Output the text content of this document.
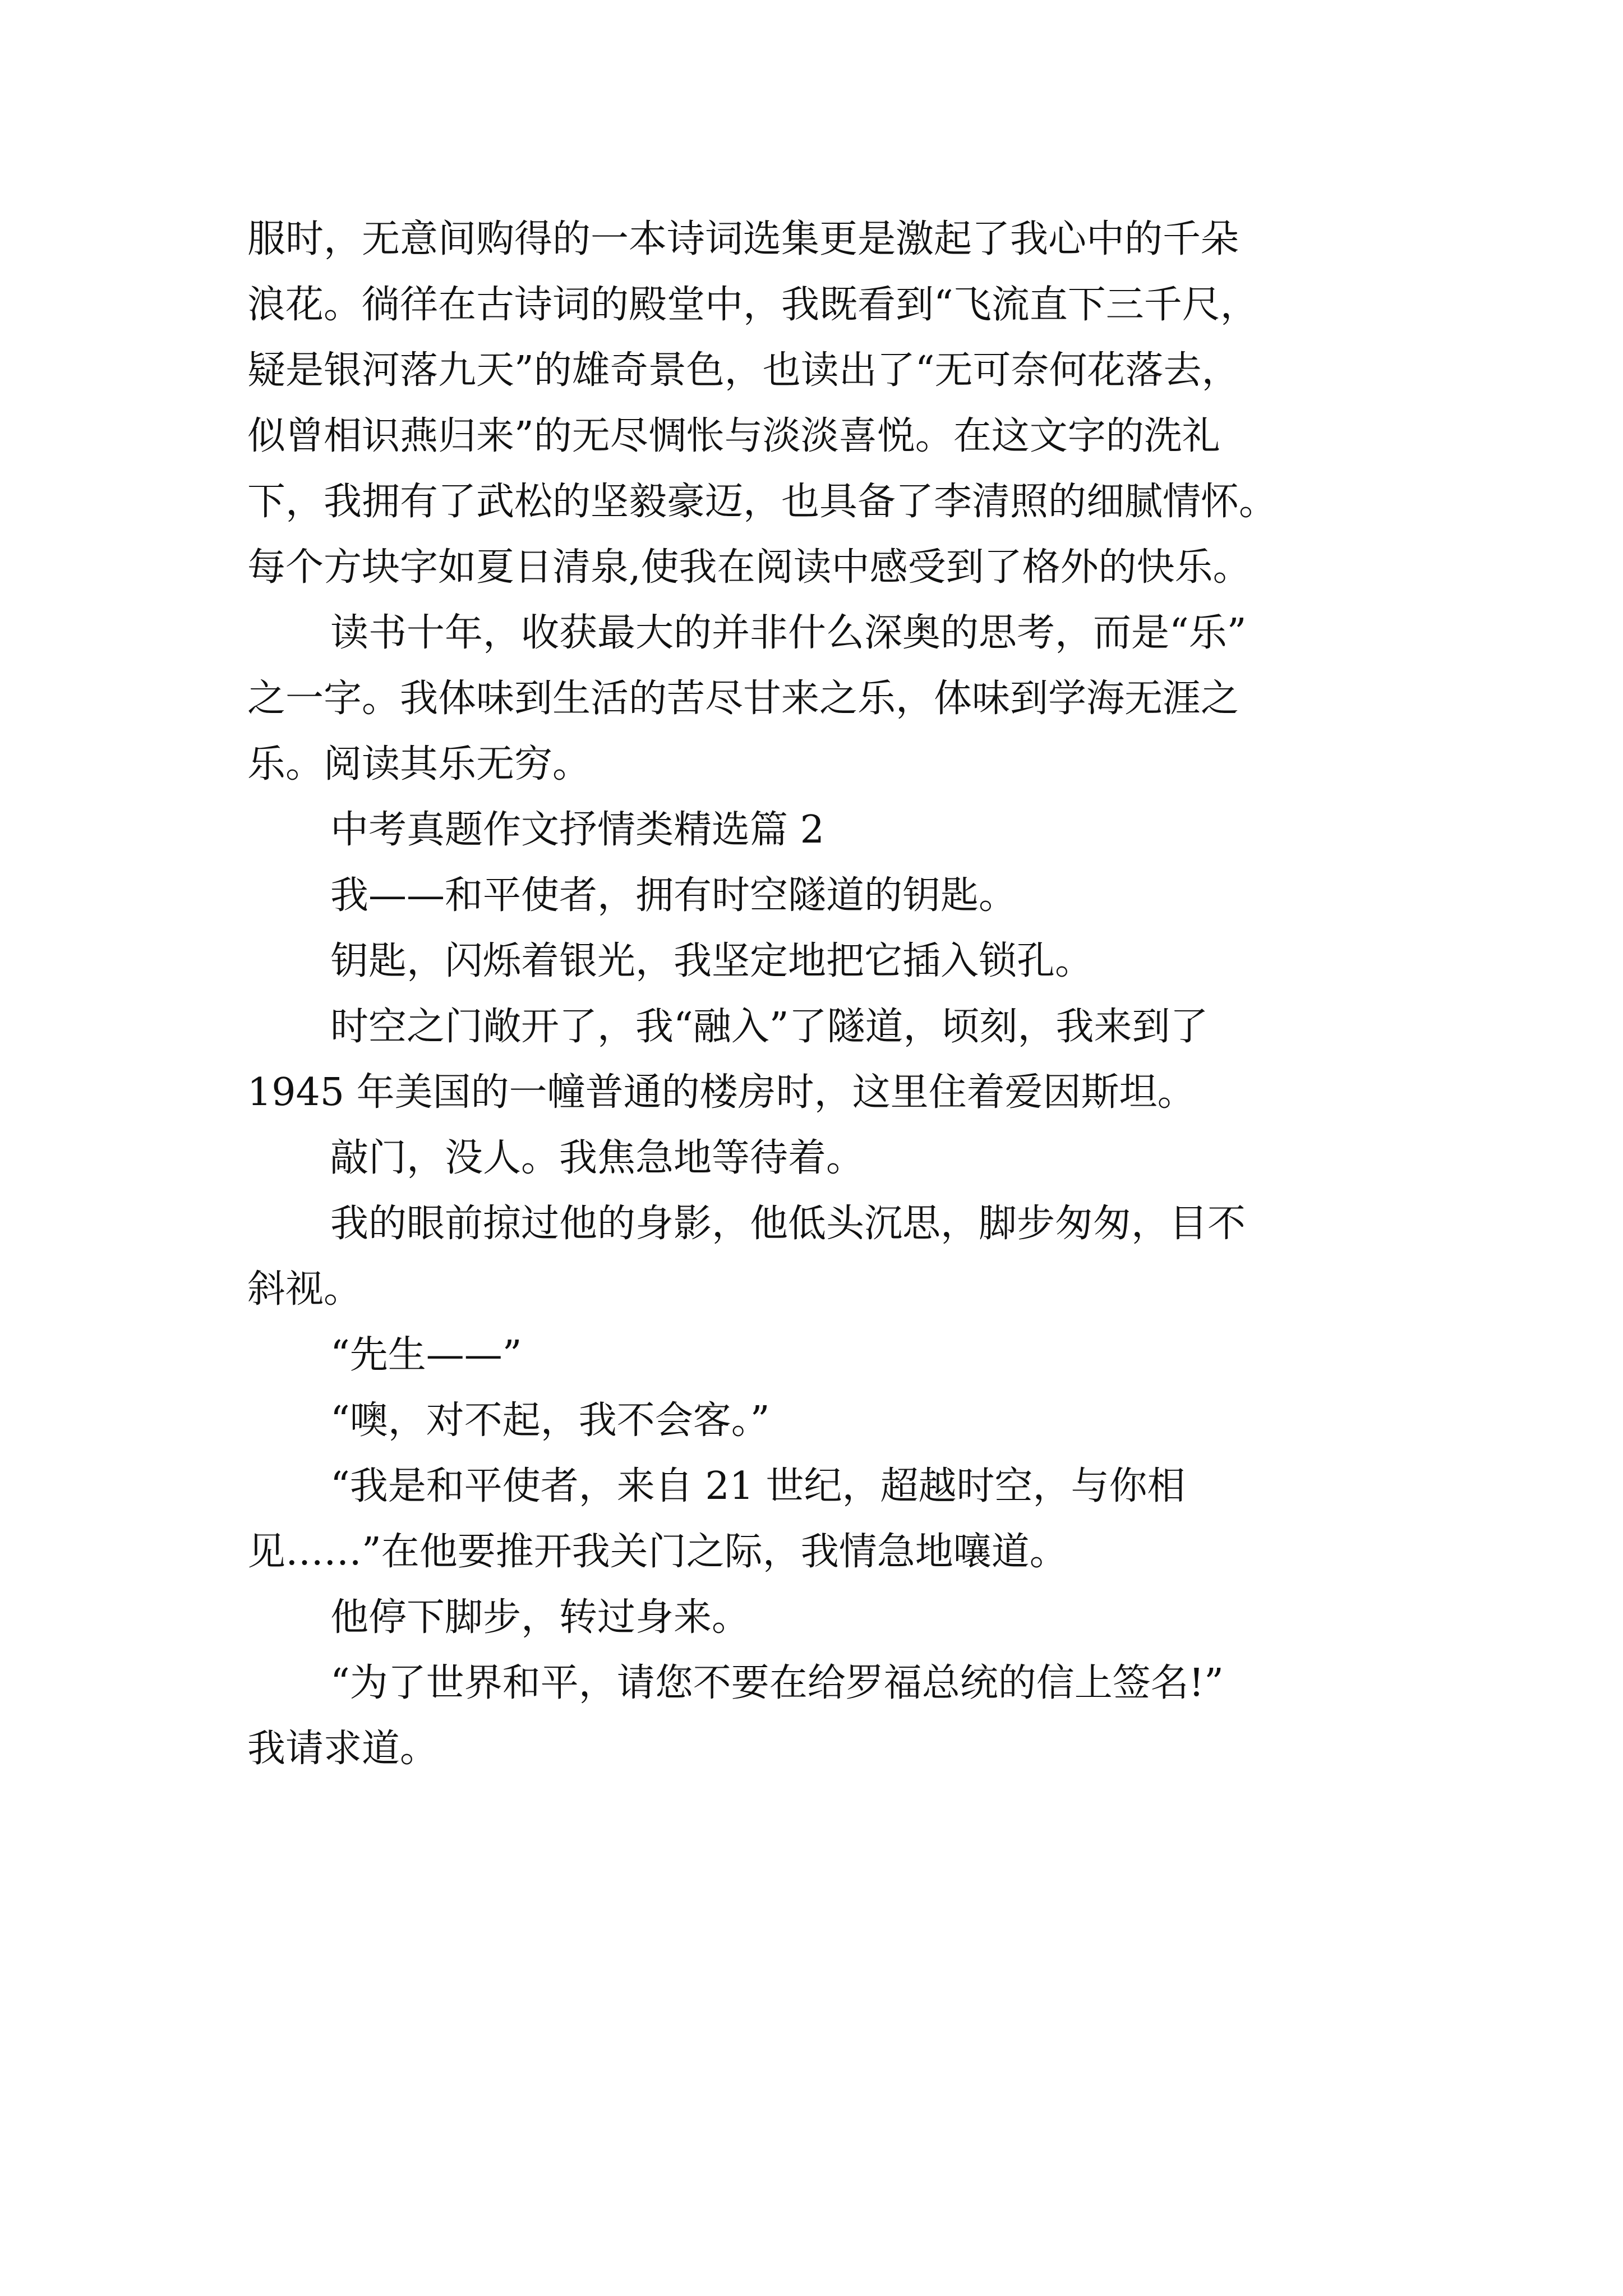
服时，无意间购得的一本诗词选集更是激起了我心中的千朵
浪花。徜徉在古诗词的殿堂中，我既看到“飞流直下三千尺，
疑是银河落九天”的雄奇景色，也读出了“无可奈何花落去，
似曾相识燕归来”的无尽惆怅与淡淡喜悦。在这文字的洗礼
下，我拥有了武松的坚毅豪迈，也具备了李清照的细腻情怀。
每个方块字如夏日清泉,使我在阅读中感受到了格外的快乐。

读书十年，收获最大的并非什么深奥的思考，而是“乐”
之一字。我体味到生活的苦尽甘来之乐，体味到学海无涯之
乐。阅读其乐无穷。

中考真题作文抒情类精选篇 2

我——和平使者，拥有时空隧道的钥匙。

钥匙，闪烁着银光，我坚定地把它插入锁孔。

时空之门敞开了，我“融入”了隧道，顷刻，我来到了
1945 年美国的一幢普通的楼房时，这里住着爱因斯坦。

敲门，没人。我焦急地等待着。

我的眼前掠过他的身影，他低头沉思，脚步匆匆，目不
斜视。

“先生——”

“噢，对不起，我不会客。”

“我是和平使者，来自 21 世纪，超越时空，与你相
见……”在他要推开我关门之际，我情急地嚷道。

他停下脚步，转过身来。

“为了世界和平，请您不要在给罗福总统的信上签名!”
我请求道。
